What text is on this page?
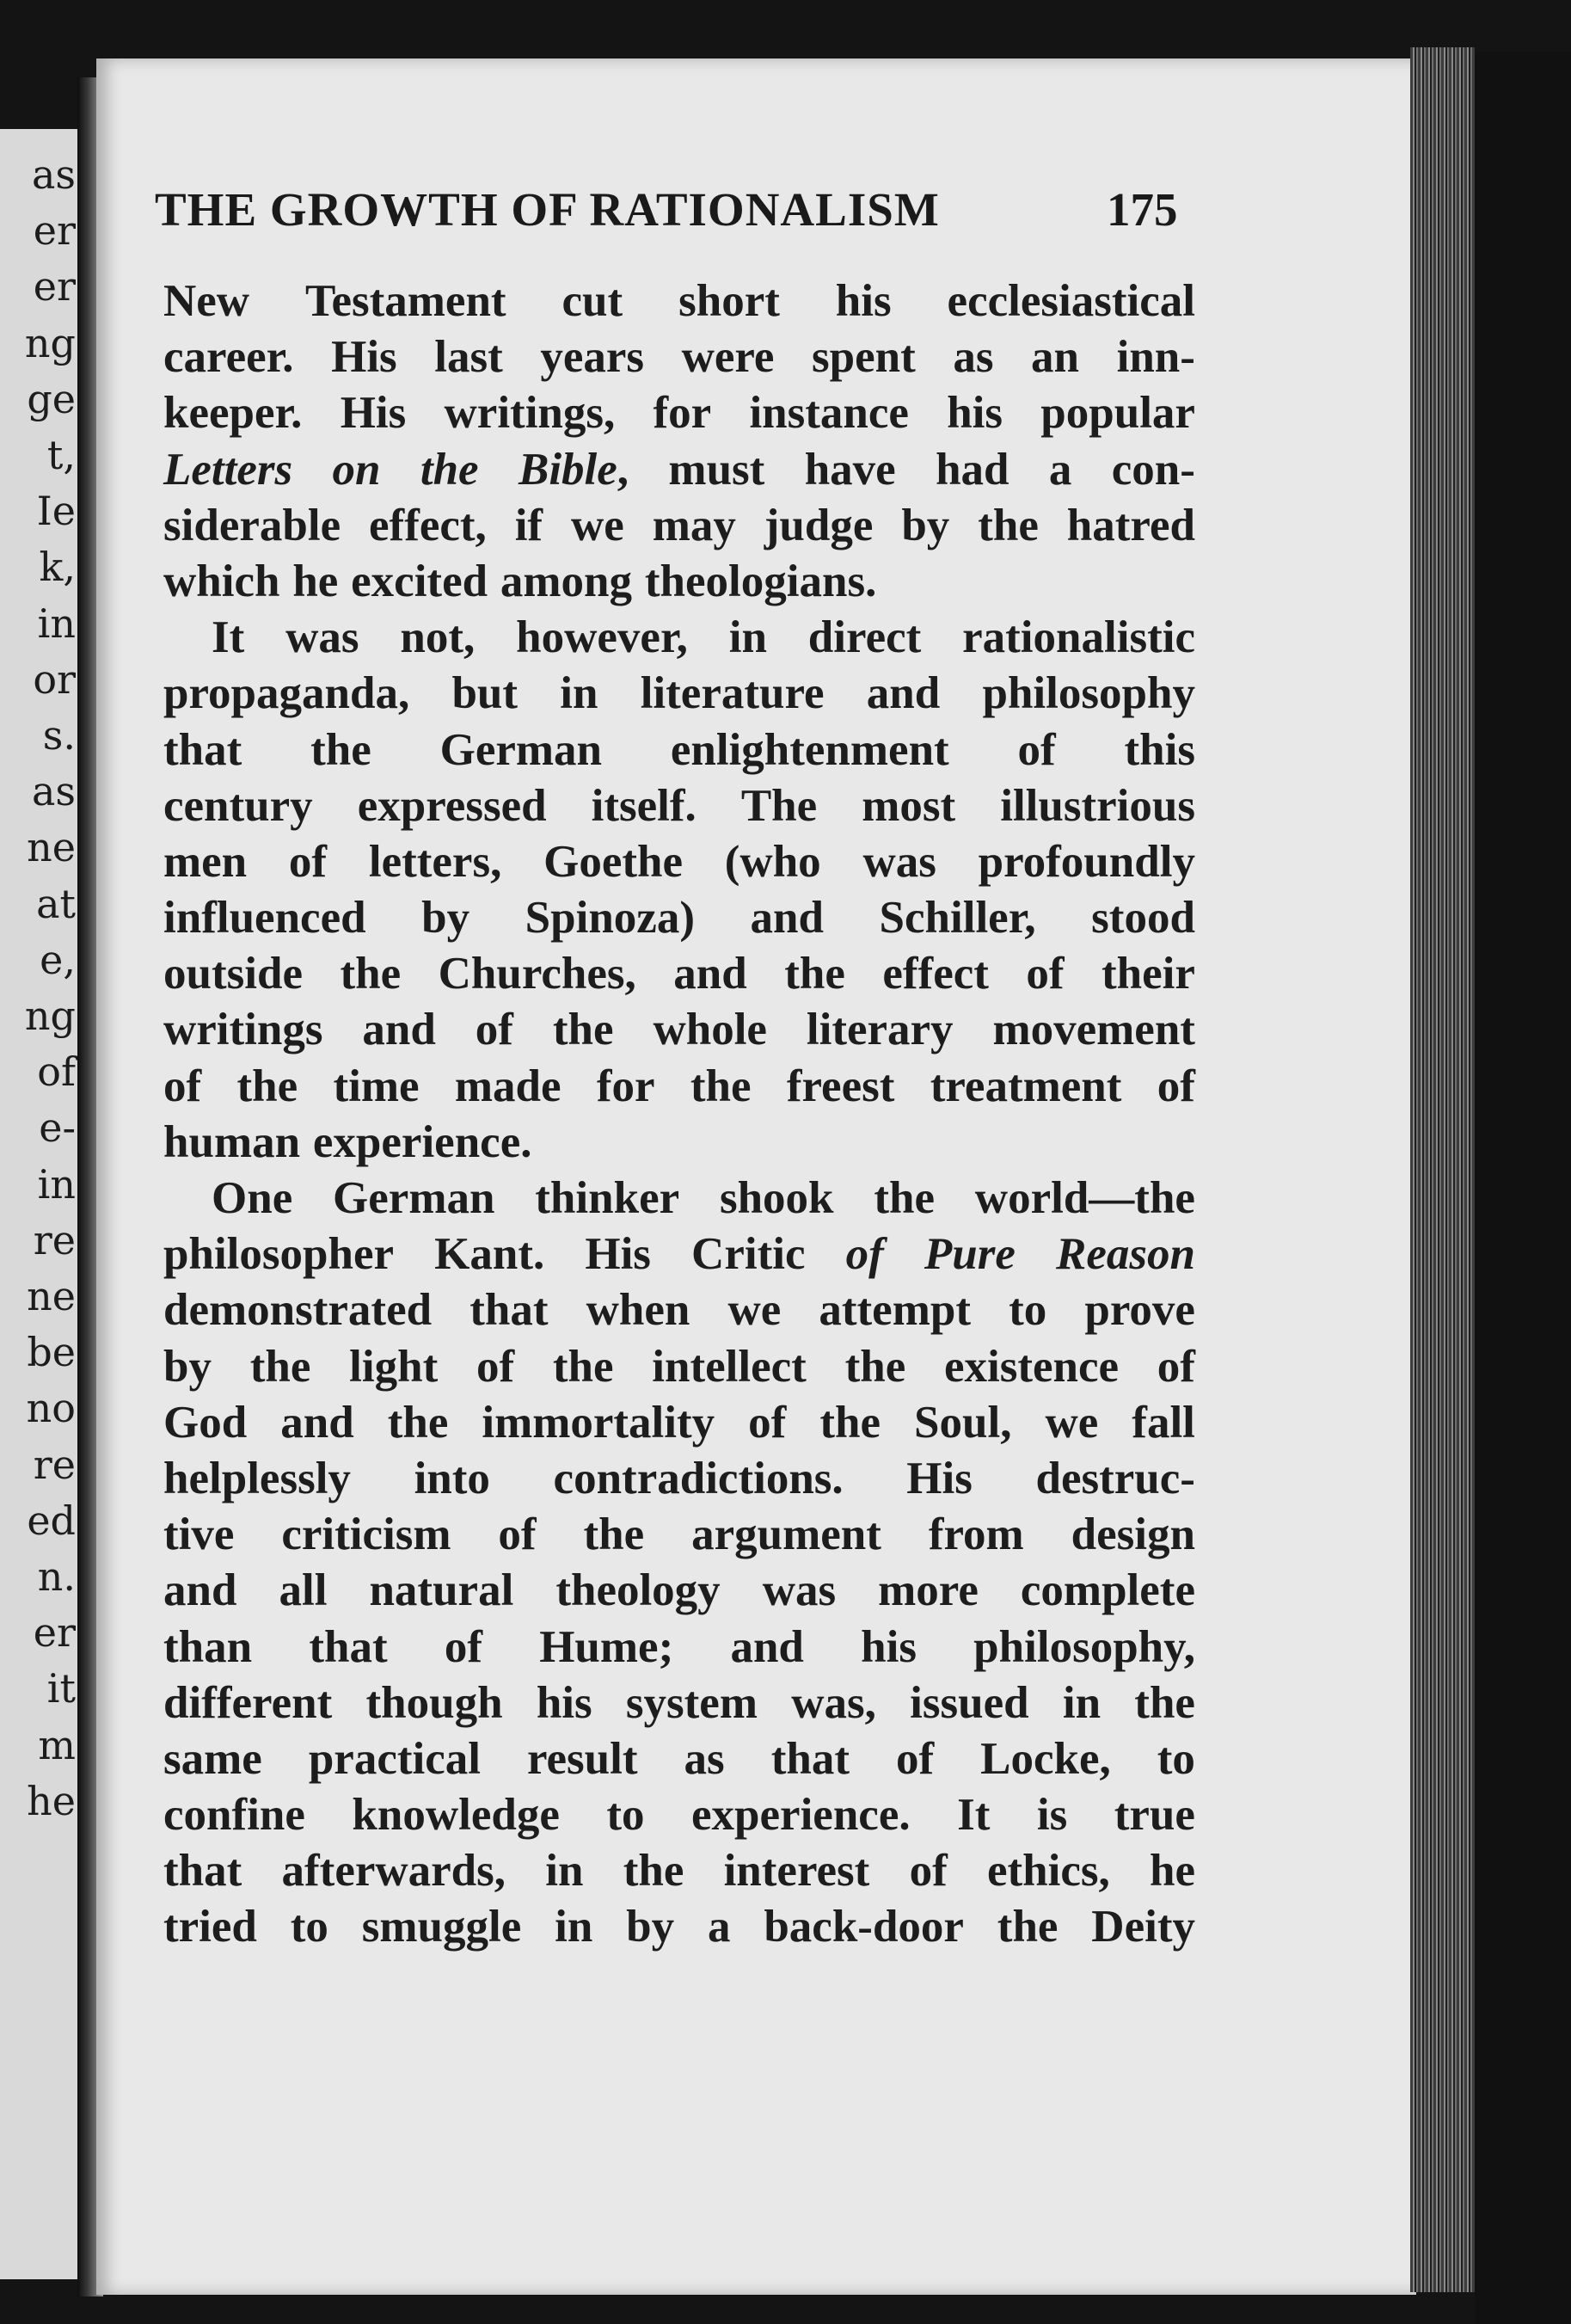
as
er
er
ng
ge
t,
Ie
k,
in
or
s.
as
ne
at
e,
ng
of
e-
in
re
ne
be
no
re
ed
n.
er
it
m
he
THE GROWTH OF RATIONALISM	175
New Testament cut short his ecclesiastical
career. His last years were spent as an inn-
keeper. His writings, for instance his popular
Letters on the Bible, must have had a con-
siderable effect, if we may judge by the hatred
which he excited among theologians.
It was not, however, in direct rationalistic
propaganda, but in literature and philosophy
that the German enlightenment of this
century expressed itself. The most illustrious
men of letters, Goethe (who was profoundly
influenced by Spinoza) and Schiller, stood
outside the Churches, and the effect of their
writings and of the whole literary movement
of the time made for the freest treatment of
human experience.
One German thinker shook the world—the
philosopher Kant. His Critic of Pure Reason
demonstrated that when we attempt to prove
by the light of the intellect the existence of
God and the immortality of the Soul, we fall
helplessly into contradictions. His destruc-
tive criticism of the argument from design
and all natural theology was more complete
than that of Hume; and his philosophy,
different though his system was, issued in the
same practical result as that of Locke, to
confine knowledge to experience. It is true
that afterwards, in the interest of ethics, he
tried to smuggle in by a back-door the Deity
